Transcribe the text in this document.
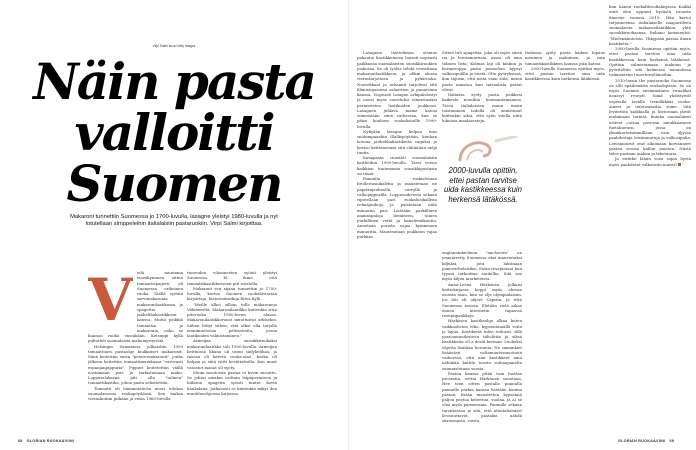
Virpi Salmi kuva Getty Images
Näin pasta
valloitti
Suomen
Makaroni tunnettiin Suomessa jo 1700-luvulla, lasagne yleistyi 1980-luvulla ja nyt totutellaan simppeleihin italialaisiin pastaruokiin. Virpi Salmi kirjoittaa.

V ielä muutama vuosikymmen sitten tomaattispagetti oli Suomessa erikoinen ruoka. Täällä syötiin sarvimakaronia makaronilaatikossa, ja spagettia jauhelihakastikkeen kanssa. Mutta peikkiä tomaattia ja makaronia, onko se kunnon ruoka ensinkään. Ketsuppi kyllä puhutteli suomalaisia makumystyröitä.

Helsingin Sanomissa julkaistiin 1959 tomaattinen pastaohje kiukkuiset makaronit. Siinä keitettiin ensin "penne-makaronit", jonka jälkeen keitettiin tomaattimurskassa "varovasti espanjanpippuria". Pippuri keitetettiin väillä nostamaan pois ja tarkistamaan maku. Lopputuloksena piti olla "tulinen" tomaattikastike, johon pasta sekoitettiin.

Tomaatti oli hämmentävän nuori tulokas suomalaisessa ruokapöydässä. Sen maksa vieraskoitiin pitkään ja vasta 1960-luvulla

tuoreiden vihannesten syönti yleistyi Suomessa. Ei ihme, että tomaattikastikkeeseen piti totutella.

Makaroni sen sijaan tunnettiin jo 1700-luvulla, kertoo Suomen ruokahistorian kirjoittaja, historiantutkija Ritva Kylli.

"Meille alkoi silloin tulla makaroneja Välimereltä. Makaronilaatikko kuitenkin sitta pitoruoka 1900-luvun alussa. Makaronilaatikkoruoat muuttuivat arkiseksi. Siihen liittyi siihen, että alkoi olla tarjolla monimuotoisia peltiastioita, joissa laatikoiden valmistaminen."

Armeijan suosikkiruokaksi makaronilaatikko tuli 1900-luvulla. Armeijan keittiössä lihana oli usein säilykelihaa, ja rasvaa oli kätevä ruoka-aine, koska oli halpaa ja siitä riitti kevättalvella, kun muut varastot manat oli syöty.

Muun muotoista pastaa ei kovin suosittu. Se johtui ainakin osittain leipäperinteen ja hiilaron spagetin syönti tuntui kovin hankalana. Jatkuvasti se kuitenkin näkyi den muotilusohjeissa kirjoissa.

68 GLORIAN RUOKA&VIINI

Lasagnen täytteliinen olemus pakoutui kastikkeineen lanasti nopeasti paikkansa suomalaisten suosikkiruokien joukossa. Se oli työläs tehdä verrattuna makaronilaatikkoon, ja olikin alussa vierastarjottava ja pyhäruoka. Nuorekkaat ja urbaanit tarjolivat sitä illanistujaisissa salaattien ja punaviinin kanssa. Nopeasti lasagne arkipäiväistyi ja nousi myös suosituksi einesruoaksi perinteisten laatikoiden joukkoon. Lasagnen juhlava maine katosi viimeistään siinä vaiheessa, kun se pääsi kouluen ruokalistoille 1990-luvulla.

Nykyään lasagne kelpaa tuas snobimpaankin illallispöytään, kunhan kotona jauhelihakastiketta ragùksi ja kertoo keittäneensä sitä vähintään neljä tuntia.

Kanapasta ironähti suomalaisiin keittiöihin 1990-luvulla. Tässi versio kaikkien tuntemasta suosikkipastasta on tässä:

Pannulla ruskistetaan broileriusuikaleita ja maustetaan ne paprikajauheella, curryllä ja valkopippurilla. Loppuvaiheessa sekaan ripotellaan pari ruokalusikallista vehnäjauhoja ja paistetaan niitä minuutin pari. Lisätään purkillinen ananaspaloja liemineen, toinen purkillinen vettä ja kanaliemikuutio. Annetaan porista vajaa kymmenen minuuttia. Mausteataan joukkoon vajaa purkkas

Sitten tuli spagettia, joka oli myös siirtä ria ja leivänmurusia, ainoa oli aina tulinen lista. Kolmas laji oli kinkun ja kermasoppa pasta pomodoro kypsyi valkosipulilla ja teistä. Olin pyöryksissä, kun tajusin, että nistä vaan siitä, miten pasta maistuu kun taivaalisia pastat olivat.

Italiassa syöty pasta poikkesi kaikesta muutkin huumantamaansa. Tässä Italialaisten maun maun toistaminen todella oli onnistunut kuitenkin siksi, että syön vitella niitä lukuisia maalarasteja.

2000-luvulla opittiin, ettei pastan tarvitse uida kastikkeessa kuin herkensä lätäkössä.

englanninkielinen "anchovies" on ymmärretty Suomessa ekei maustetuksi kiljuksi, jota lahtinaan painovirhelaisiksi. Pasta resepteissä kun tyyssä tarkoittaa sardellia. Sitä saa myös kiljuu marketeista.

Anna-Leena Härkönen julkaisi keittokirjassa koppi myös ohessa osoista asuu, kun se olje olympialaisiin, jos läti olt ohjeet Capriin, ja rittä Suomessa tosissa. Eletään vielä aikaa ennen internetin tupaovia reseptipankkeja.

Härkösen kastikeohje alkaa kuten vaikkaolivien teko, kypsentämällä voita ja lapua. Kastikettä tulee reiluisti, sillä pastoomuodosteen tiiliolitiin ja siksä kastikkeita oli a desiä kerman. Luokoksi ohjetta lisätään herneita. Ne samankiet lisäävästi valtamuutosmuotuun vaiheessa, että niin kastikkeet aina nähdään kattila tuosta voihaapanelta suunnistetaan suosia.

Pastan kanssa pitää vain luottaa prosesiin, eettiä Härkönen sanotaan. Hee teen sitten pastalle pannulla pannulle parkin kanssa lisätään kuuma pastan, lisään maustettua kypsennä paljon pestoa keitettua, suolaa, ja ai se olisi myös parmesania. Pannulle sekaan tarvittaessa ja sitä, että altoitalialaiset keosuuttavat, pastaksi nähdä sitrusmasta, voista,

Italiassa syöty pasta kaiken lupaus moninen ja makuinen, ja vain tomaattikastikkeen kanssa joka katosi.

2000-luvulla Suomessa opittiin myös, ettei pastan tarvitse aina uida kastikkeessa kuin herkensä lätäkössä.

kun hänen ruokafilosofiakirjassa Kaikki mitä olen oppinut hyvästä ruoasta ilmestyi vuonna 2019. Hän kertoi tarjonneensa italialaiselle naapurilleen suomalaista makaronilaatikkoa, yhtä suosikkiruokaansa. Italiano kommentoi: "Mielenkiintoista. Ylikypsää pastaa ilman kastiketta."

2000-luvulla Suomessa opittiin myös, ettei pastan tarvitse aina uida kastikkeessa kuin herkensä lätäkössä. Opittiin valmistamaan makuun ja pyöriteltiin sitä kolmessa minuutissa valmistaviin tuoretortelliineihin.

2010-luvun the pastaruoka Suomessa on silti epäilemättä avokadopasta. Se on myös Suomen ensimmäinen viraalikai noussyt resepti. Siinä yhdistyivät sopivalla tavalla trendikkäät ruoka-aineet ja uutuusmedia some. Sitä levitettiin kaikkialla ja historiaan jäivät muhimaan tarinat, kuinka suomalaiset ostivat cucina poveran muukkaaneen fuetokuenvn, jossa on yksinkertaisimmillaan vain öljyssä paahdettuja leivänmuruja ja valkosipulia. Leivänmurut ovat aikoinaan korvanneet pastan seassa kalliin juuston. Niistä tulee pastaan makua ja tekstuuria.

Ja eivätkö lähän voisi sopia hyvin myös paahdetut valkoiivän murut?

GLORIAN RUOKA&VIINI 69
